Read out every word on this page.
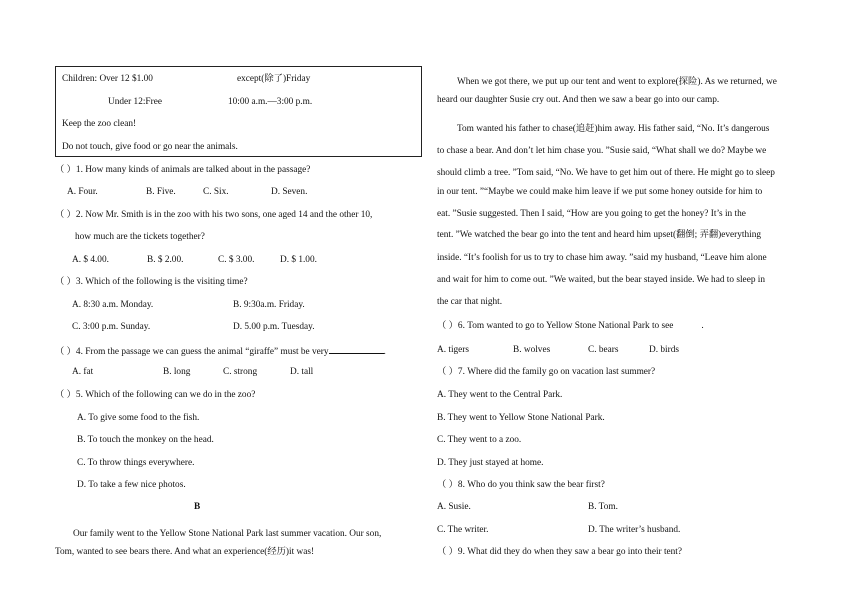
Children: Over 12 $1.00	except(除了)Friday
Under 12:Free	10:00 a.m.—3:00 p.m.
Keep the zoo clean!
Do not touch, give food or go near the animals.
（ ）1. How many kinds of animals are talked about in the passage?
A. Four.	B. Five.	C. Six.	D. Seven.
（ ）2. Now Mr. Smith is in the zoo with his two sons, one aged 14 and the other 10,
how much are the tickets together?
A. $ 4.00.	B. $ 2.00.	C. $ 3.00.	D. $ 1.00.
（ ）3. Which of the following is the visiting time?
A. 8:30 a.m. Monday.	B. 9:30a.m. Friday.
C. 3:00 p.m. Sunday.	D. 5.00 p.m. Tuesday.
（ ）4. From the passage we can guess the animal “giraffe” must be very	.
A. fat	B. long	C. strong	D. tall
（ ）5. Which of the following can we do in the zoo?
A. To give some food to the fish.
B. To touch the monkey on the head.
C. To throw things everywhere.
D. To take a few nice photos.
B
Our family went to the Yellow Stone National Park last summer vacation. Our son,
Tom, wanted to see bears there. And what an experience(经历)it was!
When we got there, we put up our tent and went to explore(探险). As we returned, we
heard our daughter Susie cry out. And then we saw a bear go into our camp.
Tom wanted his father to chase(追赶)him away. His father said, “No. It’s dangerous
to chase a bear. And don’t let him chase you. ”Susie said, “What shall we do? Maybe we
should climb a tree. ”Tom said, “No. We have to get him out of there. He might go to sleep
in our tent. ”“Maybe we could make him leave if we put some honey outside for him to
eat. ”Susie suggested. Then I said, “How are you going to get the honey? It’s in the
tent. ”We watched the bear go into the tent and heard him upset(翻倒; 弄翻)everything
inside. “It’s foolish for us to try to chase him away. ”said my husband, “Leave him alone
and wait for him to come out. ”We waited, but the bear stayed inside. We had to sleep in
the car that night.
（ ）6. Tom wanted to go to Yellow Stone National Park to see	.
A. tigers	B. wolves	C. bears	D. birds
（ ）7. Where did the family go on vacation last summer?
A. They went to the Central Park.
B. They went to Yellow Stone National Park.
C. They went to a zoo.
D. They just stayed at home.
（ ）8. Who do you think saw the bear first?
A. Susie.	B. Tom.
C. The writer.	D. The writer’s husband.
（ ）9. What did they do when they saw a bear go into their tent?
